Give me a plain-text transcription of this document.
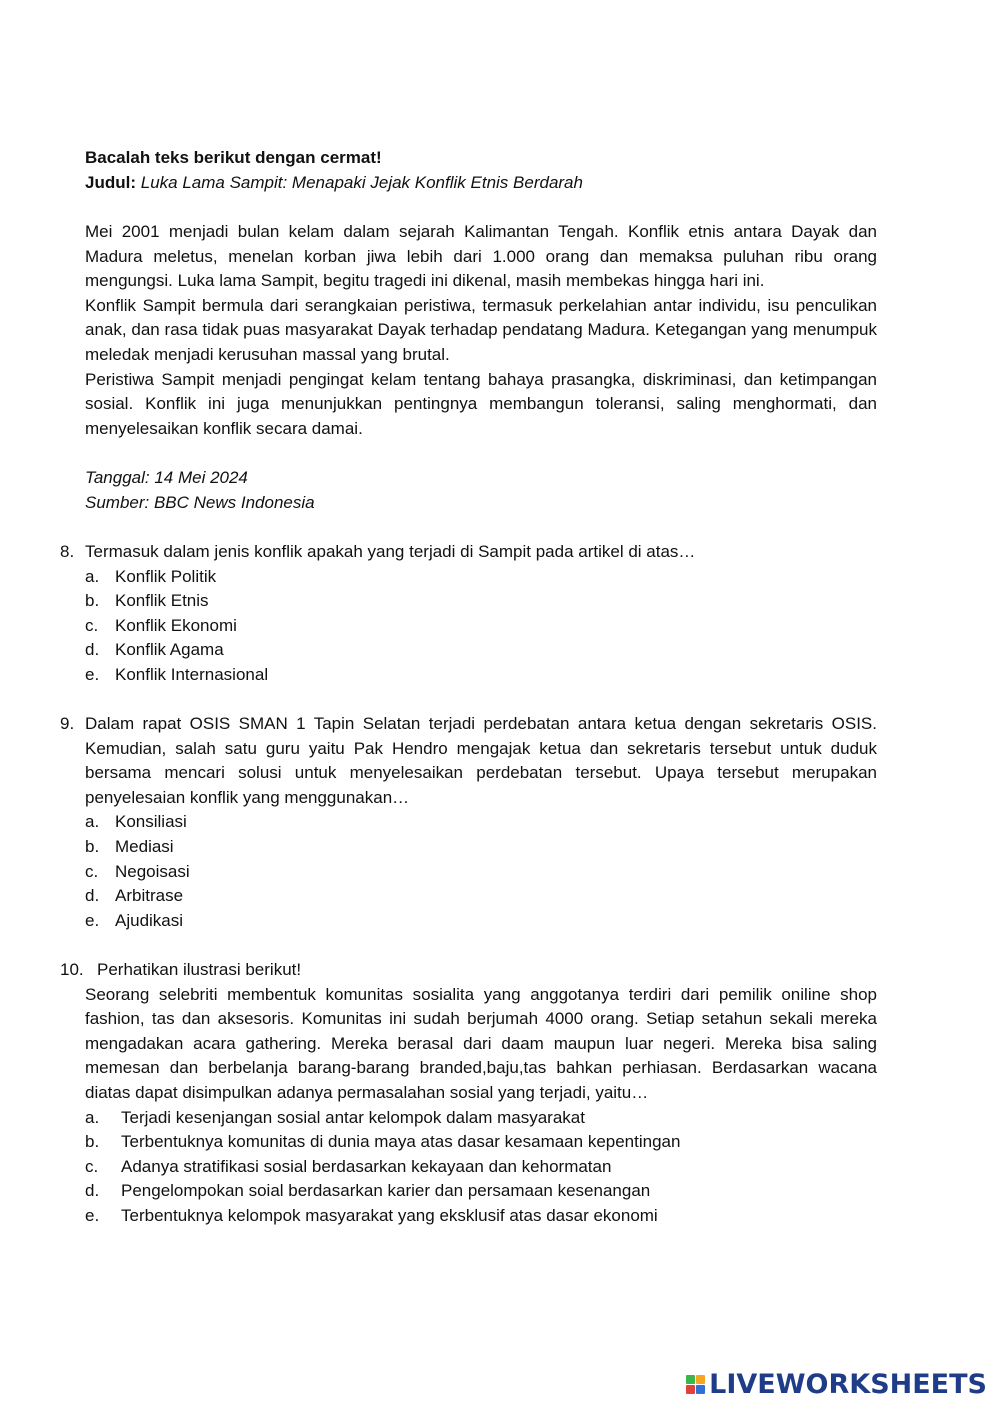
Bacalah teks berikut dengan cermat!
Judul: Luka Lama Sampit: Menapaki Jejak Konflik Etnis Berdarah
Mei 2001 menjadi bulan kelam dalam sejarah Kalimantan Tengah. Konflik etnis antara Dayak dan Madura meletus, menelan korban jiwa lebih dari 1.000 orang dan memaksa puluhan ribu orang mengungsi. Luka lama Sampit, begitu tragedi ini dikenal, masih membekas hingga hari ini.
Konflik Sampit bermula dari serangkaian peristiwa, termasuk perkelahian antar individu, isu penculikan anak, dan rasa tidak puas masyarakat Dayak terhadap pendatang Madura. Ketegangan yang menumpuk meledak menjadi kerusuhan massal yang brutal.
Peristiwa Sampit menjadi pengingat kelam tentang bahaya prasangka, diskriminasi, dan ketimpangan sosial. Konflik ini juga menunjukkan pentingnya membangun toleransi, saling menghormati, dan menyelesaikan konflik secara damai.
Tanggal: 14 Mei 2024
Sumber: BBC News Indonesia
8. Termasuk dalam jenis konflik apakah yang terjadi di Sampit pada artikel di atas…
a. Konflik Politik
b. Konflik Etnis
c. Konflik Ekonomi
d. Konflik Agama
e. Konflik Internasional
9. Dalam rapat OSIS SMAN 1 Tapin Selatan terjadi perdebatan antara ketua dengan sekretaris OSIS. Kemudian, salah satu guru yaitu Pak Hendro mengajak ketua dan sekretaris tersebut untuk duduk bersama mencari solusi untuk menyelesaikan perdebatan tersebut. Upaya tersebut merupakan penyelesaian konflik yang menggunakan…
a. Konsiliasi
b. Mediasi
c. Negoisasi
d. Arbitrase
e. Ajudikasi
10. Perhatikan ilustrasi berikut!
Seorang selebriti membentuk komunitas sosialita yang anggotanya terdiri dari pemilik oniline shop fashion, tas dan aksesoris. Komunitas ini sudah berjumah 4000 orang. Setiap setahun sekali mereka mengadakan acara gathering. Mereka berasal dari daam maupun luar negeri. Mereka bisa saling memesan dan berbelanja barang-barang branded,baju,tas bahkan perhiasan. Berdasarkan wacana diatas dapat disimpulkan adanya permasalahan sosial yang terjadi, yaitu…
a. Terjadi kesenjangan sosial antar kelompok dalam masyarakat
b. Terbentuknya komunitas di dunia maya atas dasar kesamaan kepentingan
c. Adanya stratifikasi sosial berdasarkan kekayaan dan kehormatan
d. Pengelompokan soial berdasarkan karier dan persamaan kesenangan
e. Terbentuknya kelompok masyarakat yang eksklusif atas dasar ekonomi
LIVEWORKSHEETS
